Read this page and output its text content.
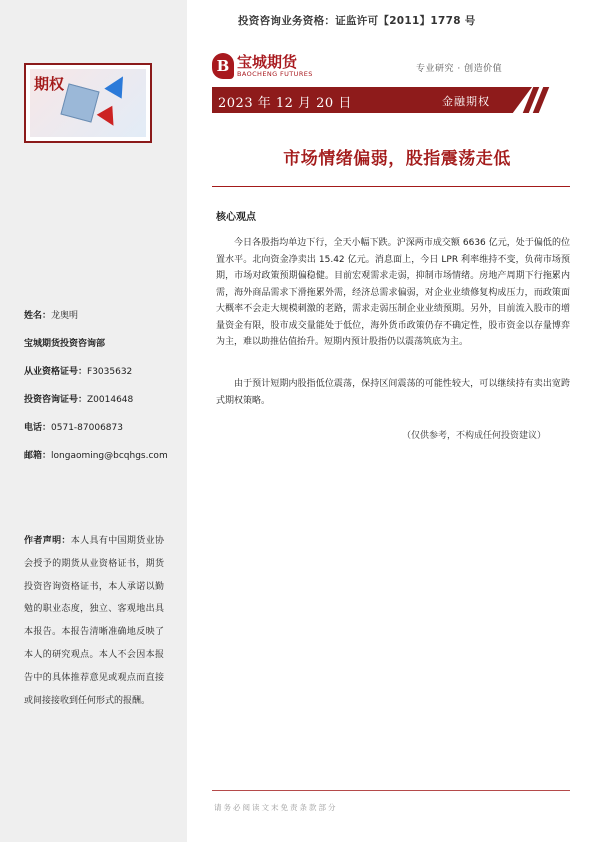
期权
投资咨询业务资格：证监许可【2011】1778 号
B 宝城期货
BAOCHENG FUTURES	专业研究 · 创造价值
2023 年 12 月 20 日	金融期权
市场情绪偏弱，股指震荡走低
核心观点

今日各股指均单边下行，全天小幅下跌。沪深两市成交额 6636 亿元，处于偏低的位置水平。北向资金净卖出 15.42 亿元。消息面上，今日 LPR 利率维持不变，负荷市场预期，市场对政策预期偏稳健。目前宏观需求走弱，抑制市场情绪。房地产周期下行拖累内需，海外商品需求下滑拖累外需，经济总需求偏弱，对企业业绩修复构成压力，而政策面大概率不会走大规模刺激的老路，需求走弱压制企业业绩预期。另外，目前流入股市的增量资金有限，股市成交量能处于低位，海外货币政策仍存不确定性，股市资金以存量博弈为主，难以助推估值抬升。短期内预计股指仍以震荡筑底为主。

由于预计短期内股指低位震荡，保持区间震荡的可能性较大，可以继续持有卖出宽跨式期权策略。

（仅供参考，不构成任何投资建议）
姓名：龙奥明
宝城期货投资咨询部
从业资格证号：F3035632
投资咨询证号：Z0014648
电话：0571-87006873
邮箱：longaoming@bcqhgs.com
作者声明：本人具有中国期货业协会授予的期货从业资格证书，期货投资咨询资格证书，本人承诺以勤勉的职业态度，独立、客观地出具本报告。本报告清晰准确地反映了本人的研究观点。本人不会因本报告中的具体推荐意见或观点而直接或间接接收到任何形式的报酬。
请务必阅读文末免责条款部分
